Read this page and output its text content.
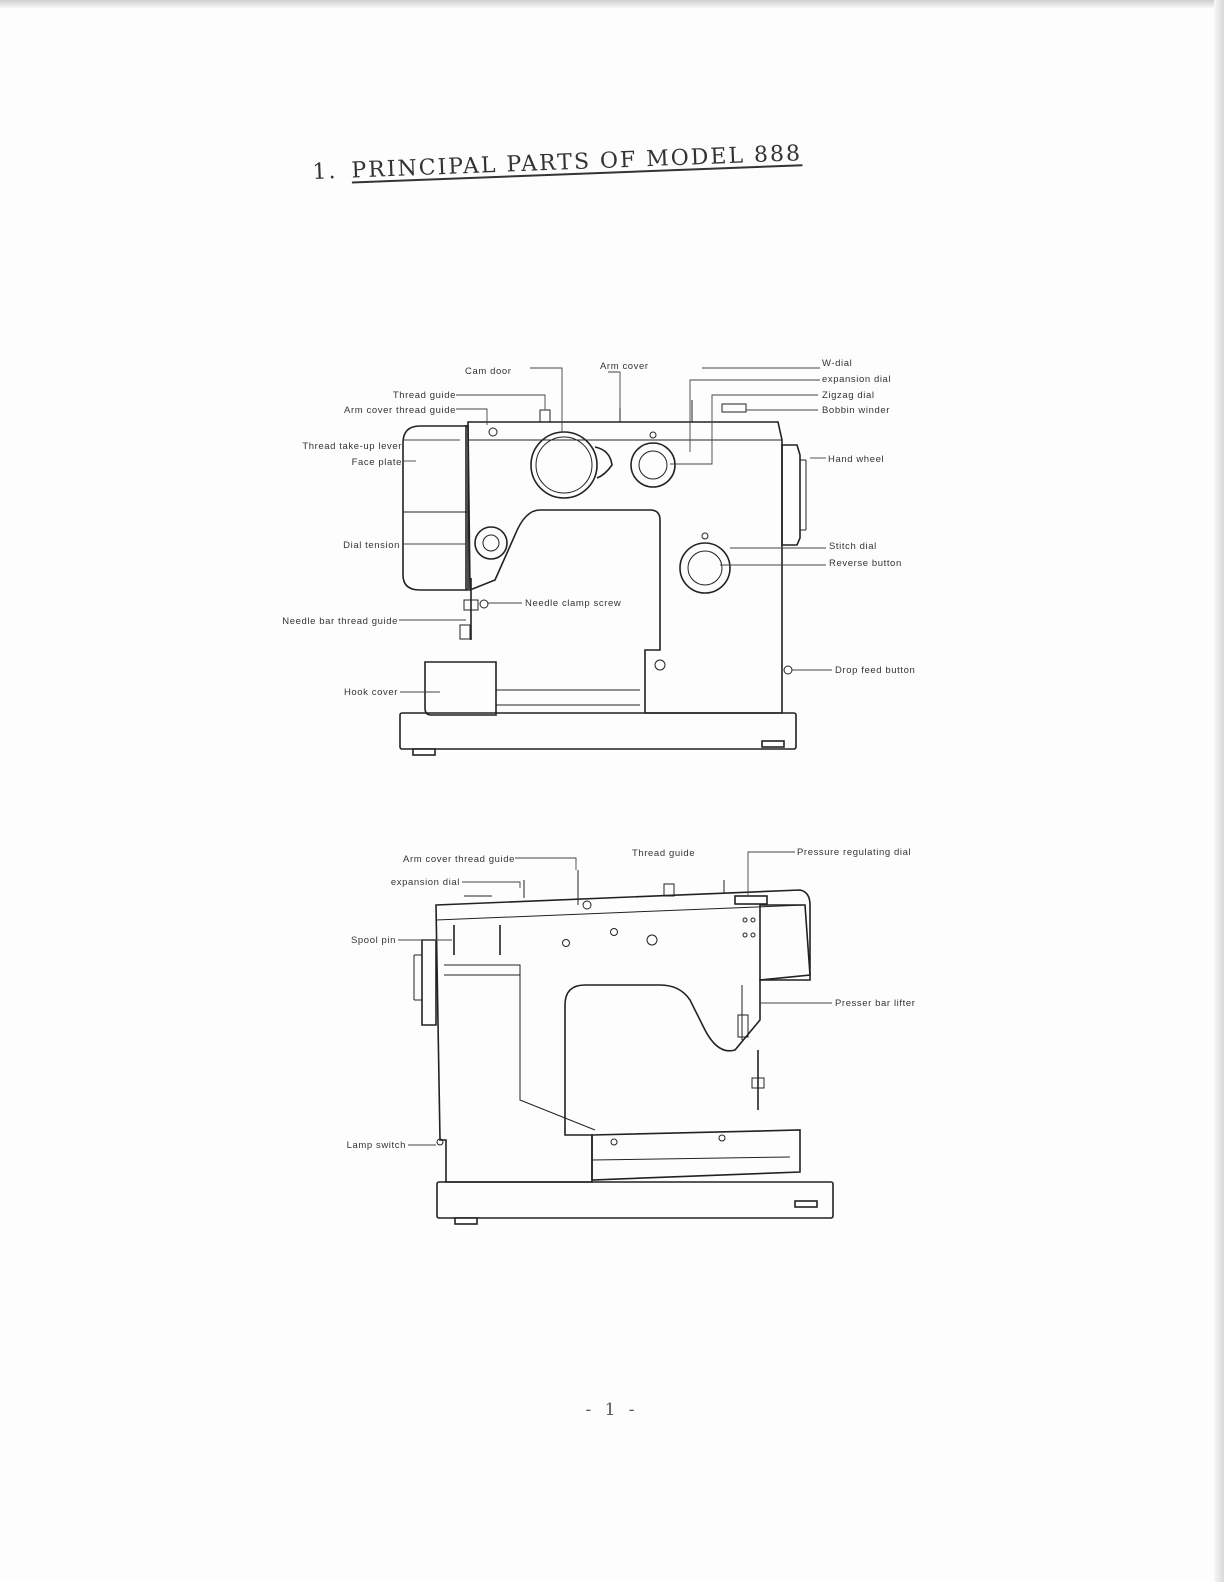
1. PRINCIPAL PARTS OF MODEL 888
Cam door	Arm cover	W-dial
expansion dial
Zigzag dial
Bobbin winder
Thread guide
Arm cover thread guide
Thread take-up lever
Face plate	Hand wheel
Dial tension	Stitch dial
Reverse button
Needle clamp screw
Needle bar thread guide
Drop feed button
Hook cover
Arm cover thread guide
expansion dial
Thread guide	Pressure regulating dial
Spool pin
Presser bar lifter
Lamp switch
- 1 -
